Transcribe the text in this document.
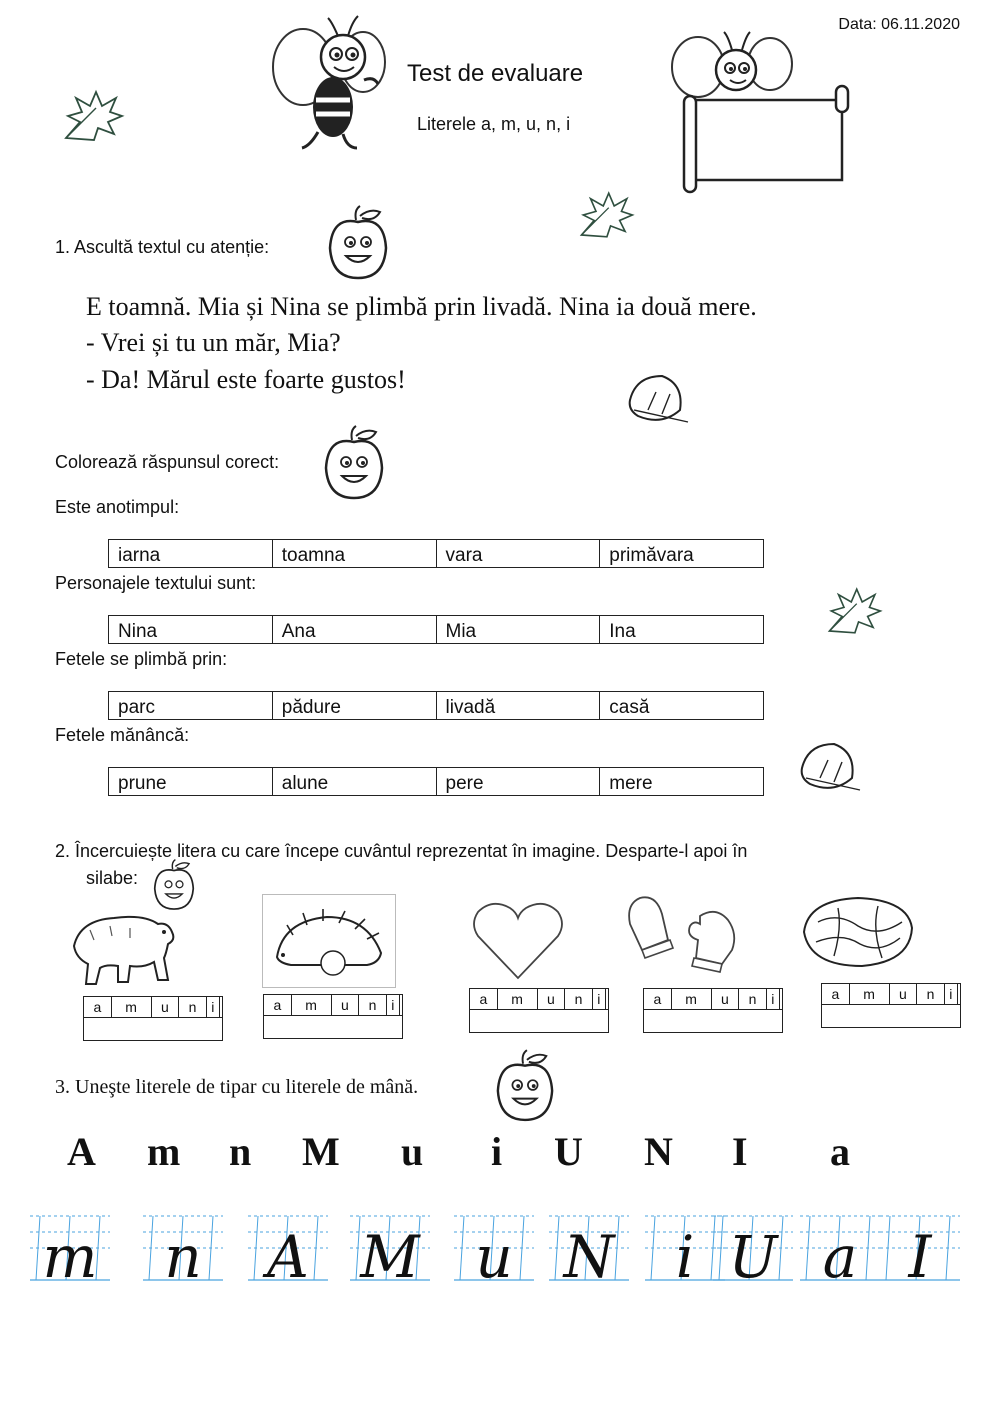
Data: 06.11.2020
Test de evaluare
Literele a, m, u, n, i
1. Ascultă textul cu atenție:
E toamnă. Mia și Nina se plimbă prin livadă. Nina ia două mere.
- Vrei și tu un măr, Mia?
- Da! Mărul este foarte gustos!
Colorează răspunsul corect:
Este anotimpul:
iarna	toamna	vara	primăvara
Personajele textului sunt:
Nina	Ana	Mia	Ina
Fetele se plimbă prin:
parc	pădure	livadă	casă
Fetele mănâncă:
prune	alune	pere	mere
2. Încercuiește litera cu care începe cuvântul reprezentat în imagine. Desparte-l apoi în
silabe:
a	m	u	n	i		a	m	u	n	i		a	m	u	n	i		a	m	u	n	i		a	m	u	n	i	

3. Uneşte literele de tipar cu literele de mână.
A m n M u i U N I a
m	n	A M u N	i U a I
